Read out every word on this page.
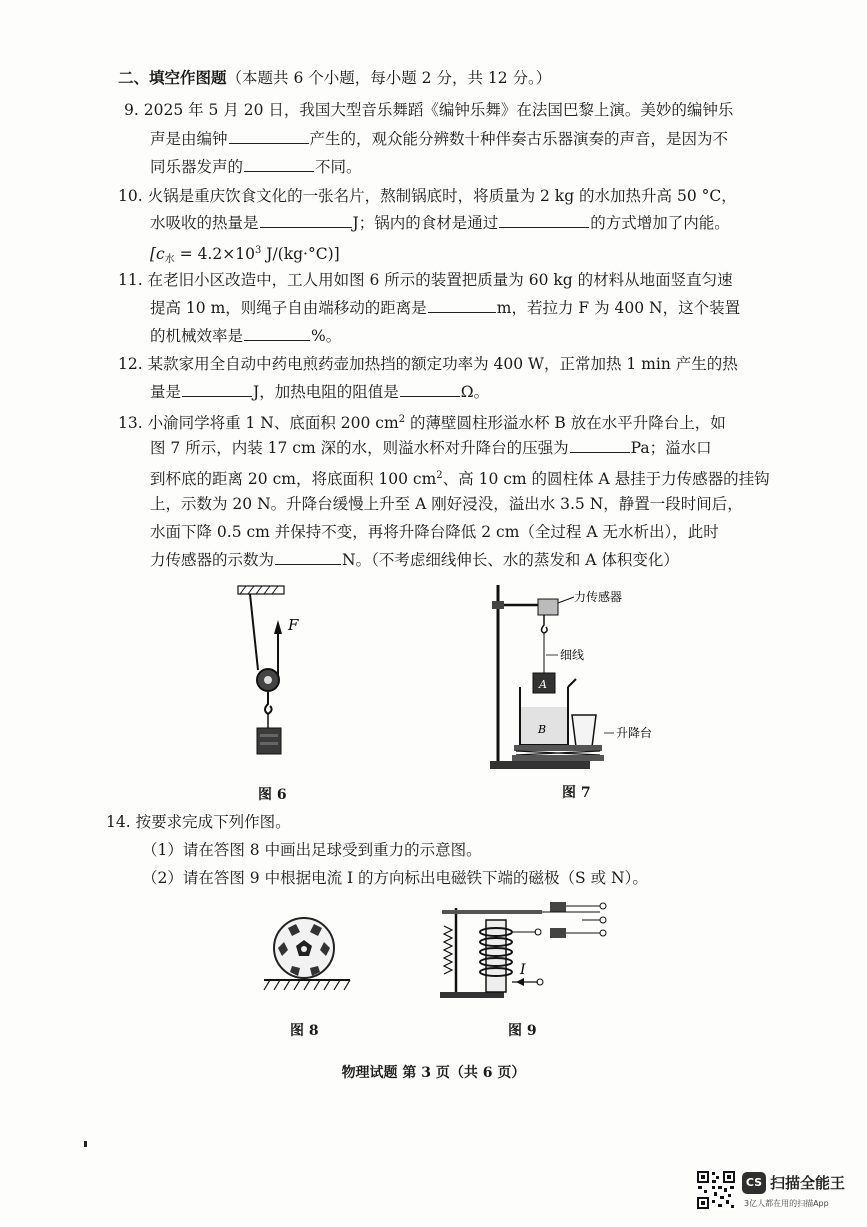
二、填空作图题（本题共 6 个小题，每小题 2 分，共 12 分。）
9. 2025 年 5 月 20 日，我国大型音乐舞蹈《编钟乐舞》在法国巴黎上演。美妙的编钟乐
声是由编钟	产生的，观众能分辨数十种伴奏古乐器演奏的声音，是因为不
同乐器发声的	不同。
10. 火锅是重庆饮食文化的一张名片，熬制锅底时，将质量为 2 kg 的水加热升高 50 °C，
水吸收的热量是	J；锅内的食材是通过	的方式增加了内能。
[$c_水 = 4.2\times 10^3$ J/(kg·°C)]
11. 在老旧小区改造中，工人用如图 6 所示的装置把质量为 60 kg 的材料从地面竖直匀速
提高 10 m，则绳子自由端移动的距离是	m，若拉力 F 为 400 N，这个装置
的机械效率是	%。
12. 某款家用全自动中药电煎药壶加热挡的额定功率为 400 W，正常加热 1 min 产生的热
量是	J，加热电阻的阻值是	Ω。
13. 小渝同学将重 1 N、底面积 200 $cm^2$ 的薄壁圆柱形溢水杯 B 放在水平升降台上，如
图 7 所示，内装 17 cm 深的水，则溢水杯对升降台的压强为	Pa；溢水口
到杯底的距离 20 cm，将底面积 100 $cm^2$、高 10 cm 的圆柱体 A 悬挂于力传感器的挂钩
上，示数为 20 N。升降台缓慢上升至 A 刚好浸没，溢出水 3.5 N，静置一段时间后，
水面下降 0.5 cm 并保持不变，再将升降台降低 2 cm（全过程 A 无水析出），此时
力传感器的示数为	N。（不考虑细线伸长、水的蒸发和 A 体积变化）
F
图 6
力传感器
细线
A
B	升降台
图 7
14. 按要求完成下列作图。
（1）请在答图 8 中画出足球受到重力的示意图。
（2）请在答图 9 中根据电流 I 的方向标出电磁铁下端的磁极（S 或 N）。
图 8
I
图 9
物理试题 第 3 页（共 6 页）
CS 扫描全能王
3亿人都在用的扫描App
